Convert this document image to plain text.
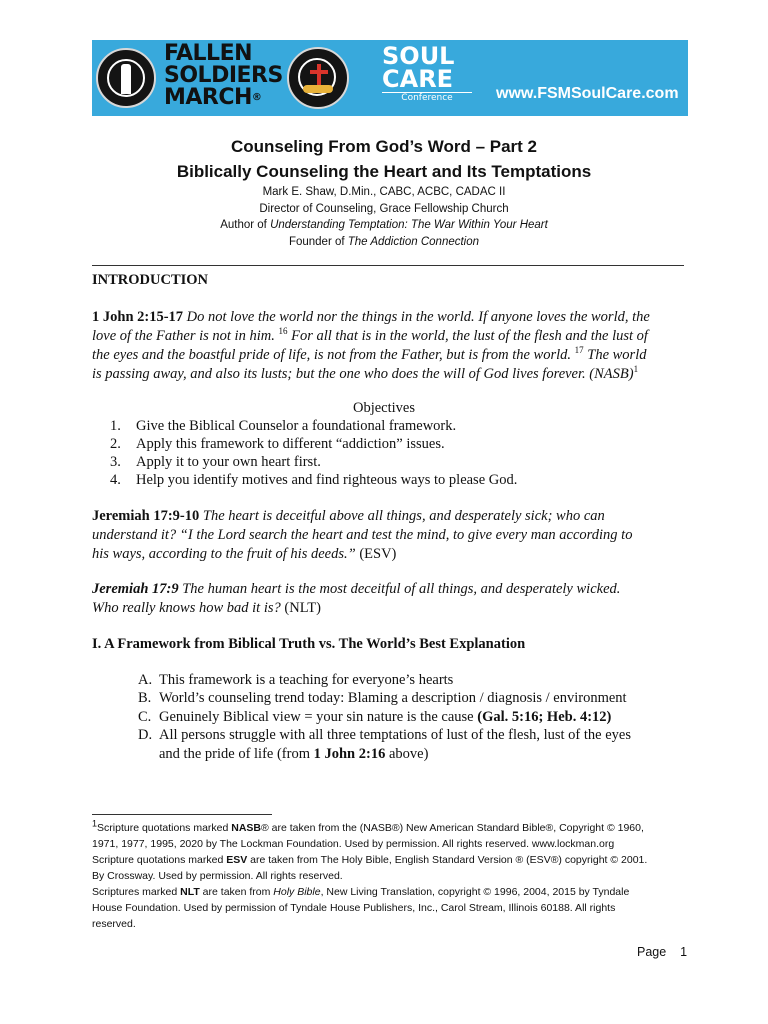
FALLEN
SOLDIERS
MARCH®
SOUL
CARE
Conference	www.FSMSoulCare.com
Counseling From God’s Word – Part 2
Biblically Counseling the Heart and Its Temptations
Mark E. Shaw, D.Min., CABC, ACBC, CADAC II
Director of Counseling, Grace Fellowship Church
Author of Understanding Temptation: The War Within Your Heart
Founder of The Addiction Connection
INTRODUCTION
1 John 2:15-17 Do not love the world nor the things in the world. If anyone loves the world, the
love of the Father is not in him. $^{16}$ For all that is in the world, the lust of the flesh and the lust of
the eyes and the boastful pride of life, is not from the Father, but is from the world. $^{17}$ The world
is passing away, and also its lusts; but the one who does the will of God lives forever. (NASB)$^1$
Objectives
1. Give the Biblical Counselor a foundational framework.
2. Apply this framework to different “addiction” issues.
3. Apply it to your own heart first.
4. Help you identify motives and find righteous ways to please God.
Jeremiah 17:9-10 The heart is deceitful above all things, and desperately sick; who can
understand it? “I the Lord search the heart and test the mind, to give every man according to
his ways, according to the fruit of his deeds.” (ESV)
Jeremiah 17:9 The human heart is the most deceitful of all things, and desperately wicked.
Who really knows how bad it is? (NLT)
I. A Framework from Biblical Truth vs. The World’s Best Explanation
A. This framework is a teaching for everyone’s hearts
B. World’s counseling trend today: Blaming a description / diagnosis / environment
C. Genuinely Biblical view = your sin nature is the cause (Gal. 5:16; Heb. 4:12)
D. All persons struggle with all three temptations of lust of the flesh, lust of the eyes
and the pride of life (from 1 John 2:16 above)
$^1$Scripture quotations marked NASB® are taken from the (NASB®) New American Standard Bible®, Copyright © 1960,
1971, 1977, 1995, 2020 by The Lockman Foundation. Used by permission. All rights reserved. www.lockman.org
Scripture quotations marked ESV are taken from The Holy Bible, English Standard Version ® (ESV®) copyright © 2001.
By Crossway. Used by permission. All rights reserved.
Scriptures marked NLT are taken from Holy Bible, New Living Translation, copyright © 1996, 2004, 2015 by Tyndale
House Foundation. Used by permission of Tyndale House Publishers, Inc., Carol Stream, Illinois 60188. All rights
reserved.
Page 1
